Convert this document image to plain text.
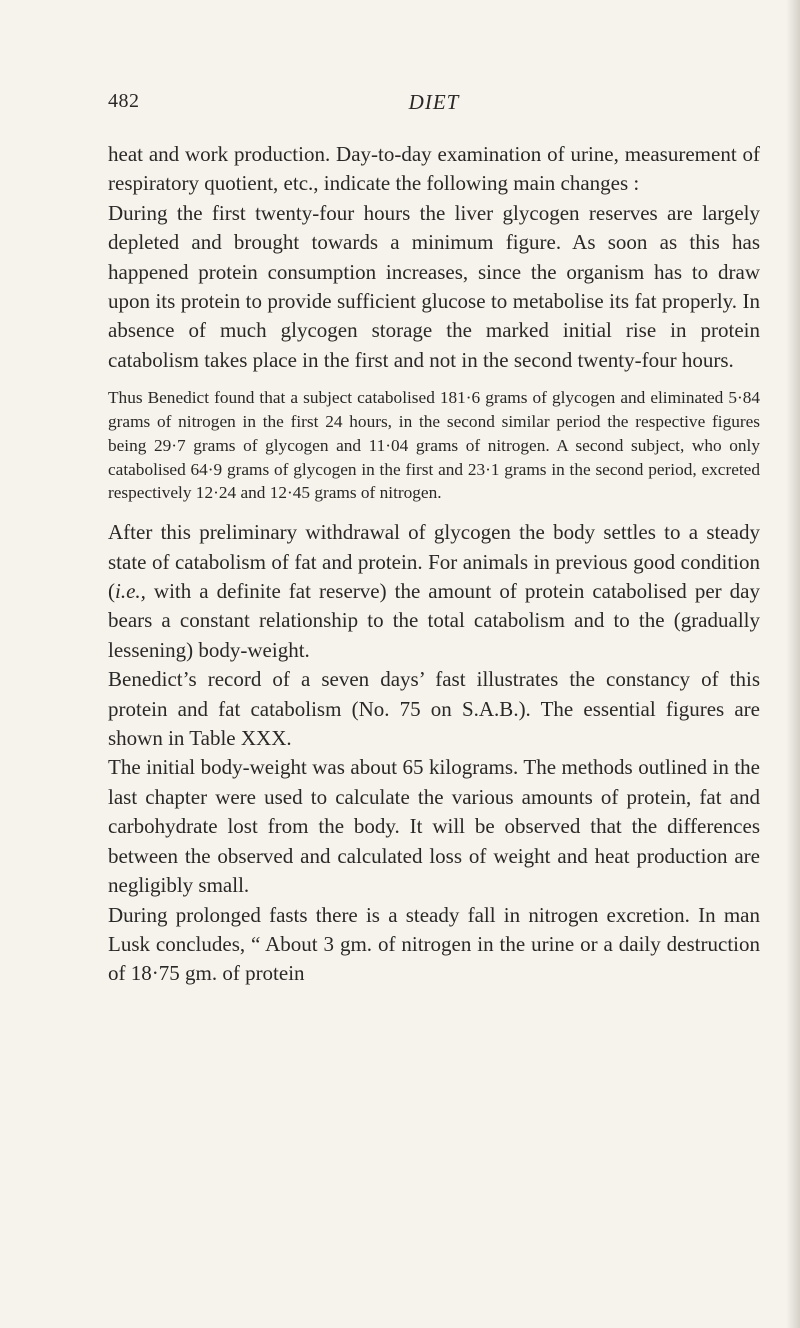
482	DIET

heat and work production. Day-to-day examination of urine, measurement of respiratory quotient, etc., indicate the following main changes :

During the first twenty-four hours the liver glycogen reserves are largely depleted and brought towards a minimum figure. As soon as this has happened protein consumption increases, since the organism has to draw upon its protein to provide sufficient glucose to metabolise its fat properly. In absence of much glycogen storage the marked initial rise in protein catabolism takes place in the first and not in the second twenty-four hours.

Thus Benedict found that a subject catabolised 181·6 grams of glycogen and eliminated 5·84 grams of nitrogen in the first 24 hours, in the second similar period the respective figures being 29·7 grams of glycogen and 11·04 grams of nitrogen. A second subject, who only catabolised 64·9 grams of glycogen in the first and 23·1 grams in the second period, excreted respectively 12·24 and 12·45 grams of nitrogen.

After this preliminary withdrawal of glycogen the body settles to a steady state of catabolism of fat and protein. For animals in previous good condition (i.e., with a definite fat reserve) the amount of protein catabolised per day bears a constant relationship to the total catabolism and to the (gradually lessening) body-weight.

Benedict’s record of a seven days’ fast illustrates the constancy of this protein and fat catabolism (No. 75 on S.A.B.). The essential figures are shown in Table XXX.

The initial body-weight was about 65 kilograms. The methods outlined in the last chapter were used to calculate the various amounts of protein, fat and carbohydrate lost from the body. It will be observed that the differences between the observed and calculated loss of weight and heat production are negligibly small.

During prolonged fasts there is a steady fall in nitrogen excretion. In man Lusk concludes, “ About 3 gm. of nitrogen in the urine or a daily destruction of 18·75 gm. of protein
